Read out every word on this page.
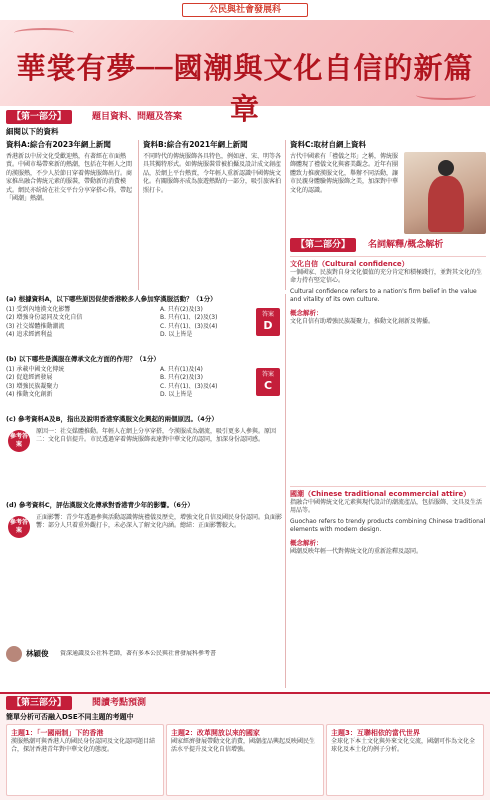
公民與社會發展科
華裳有夢──國潮與文化自信的新篇章
【第一部分】	題目資料、問題及答案
細閱以下的資料
資料A:綜合有2023年網上新聞
香港新以中居文化受歡迎熱，有著經在市面熱賣。中國市場帶來新的熱潮，包括在年輕人之間的漢服熱，不少人於節日穿着傳統服飾出行。商家推出融合傳統元素的服裝，帶動新的消費模式。網民亦紛紛在社交平台分享穿搭心得，帶起「國潮」熱潮。
資料B:綜合有2021年網上新聞
不同時代的傳統服飾各具特色，例如唐、宋、明等各具其獨特形式。如傳統服裝常被拍攝及設計成文創產品，於網上平台熱賣，令年輕人重新認識中國傳統文化。有關服飾亦成為旅遊熱點的一部分，吸引旅客拍照打卡。
資料C:取材自網上資料
古代中國素有「禮儀之邦」之稱，傳統服飾體現了禮儀文化與審美觀念。近年有團體致力推廣漢服文化，舉辦不同活動，讓市民親身體驗傳統服飾之美，加深對中華文化的認識。
(a) 根據資料A，以下哪些原因促使香港較多人參加穿漢服活動？（1分）
(1) 受到內地漢文化影響
(2) 增強身份認同及文化自信
(3) 社交媒體推動潮流
(4) 追求經濟利益
A. 只有(2)及(3)
B. 只有(1)、(2)及(3)
C. 只有(1)、(3)及(4)
D. 以上皆是
答案
D
(b) 以下哪些是漢服在傳承文化方面的作用？（1分）
(1) 承載中國文化傳統
(2) 促進經濟發展
(3) 增強民族凝聚力
(4) 推動文化創新
A. 只有(1)及(4)
B. 只有(2)及(3)
C. 只有(1)、(3)及(4)
D. 以上皆是
答案
C
(c) 參考資料A及B，指出及說明香港穿漢服文化興起的兩個原因。（4分）
參考答案
原因一：社交媒體推動。年輕人在網上分享穿搭，令漢服成為潮流，吸引更多人參與。原因二：文化自信提升。市民透過穿着傳統服飾表達對中華文化的認同，加深身份認同感。
(d) 參考資料C，評估漢服文化傳承對香港青少年的影響。（6分）
參考答案
正面影響：青少年透過參與活動認識傳統禮儀及歷史，增強文化自信及國民身份認同。負面影響：部分人只着重外觀打卡，未必深入了解文化內涵。總結：正面影響較大。
林穎俊 資深通識及公社科老師，著有多本公民與社會發展科參考書
【第二部分】	名詞解釋/概念解析
文化自信（Cultural confidence）
一個國家、民族對自身文化價值的充分肯定和積極踐行，並對其文化的生命力持有堅定信心。
Cultural confidence refers to a nation's firm belief in the value and vitality of its own culture.
概念解析：
文化自信有助增強民族凝聚力，推動文化創新及傳播。
國潮（Chinese traditional ecommercial attire）
指融合中國傳統文化元素與現代設計的潮流產品，包括服飾、文具及生活用品等。
Guochao refers to trendy products combining Chinese traditional elements with modern design.
概念解析：
國潮反映年輕一代對傳統文化的重新詮釋及認同。
【第三部分】	閱讀考點預測
簡單分析可否融入DSE不同主題的考題中
主題1：「一國兩制」下的香港
漢服熱潮可與香港人的國民身份認同及文化認同題目結合，探討香港青年對中華文化的態度。
主題2：改革開放以來的國家
國家經濟發展帶動文化消費，國潮產品興起反映國民生活水平提升及文化自信增強。
主題3：互聯相依的當代世界
全球化下本土文化與外來文化交流，國潮可作為文化全球化及本土化的例子分析。
